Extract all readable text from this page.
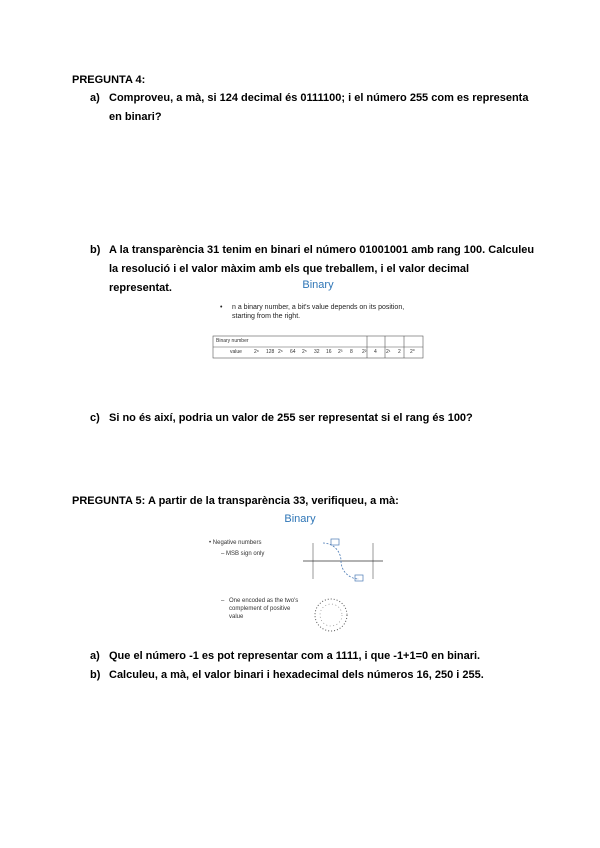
PREGUNTA 4:
a) Comproveu, a mà, si 124 decimal és 0111100; i el número 255 com es representa en binari?
b) A la transparència 31 tenim en binari el número 01001001 amb rang 100. Calculeu la resolució i el valor màxim amb els que treballem, i el valor decimal representat.	Binary
• n a binary number, a bit's value depends on its position, starting from the right.
Binary number
value 2⁸ 128 2⁶ 64 2⁵ 32 16 2³ 8 2² 4 2¹ 2 2⁰
c) Si no és així, podria un valor de 255 ser representat si el rang és 100?
PREGUNTA 5: A partir de la transparència 33, verifiqueu, a mà:
Binary
• Negative numbers
– MSB sign only
– One encoded as the two's complement of positive value
a) Que el número -1 es pot representar com a 1111, i que -1+1=0 en binari.
b) Calculeu, a mà, el valor binari i hexadecimal dels números 16, 250 i 255.
